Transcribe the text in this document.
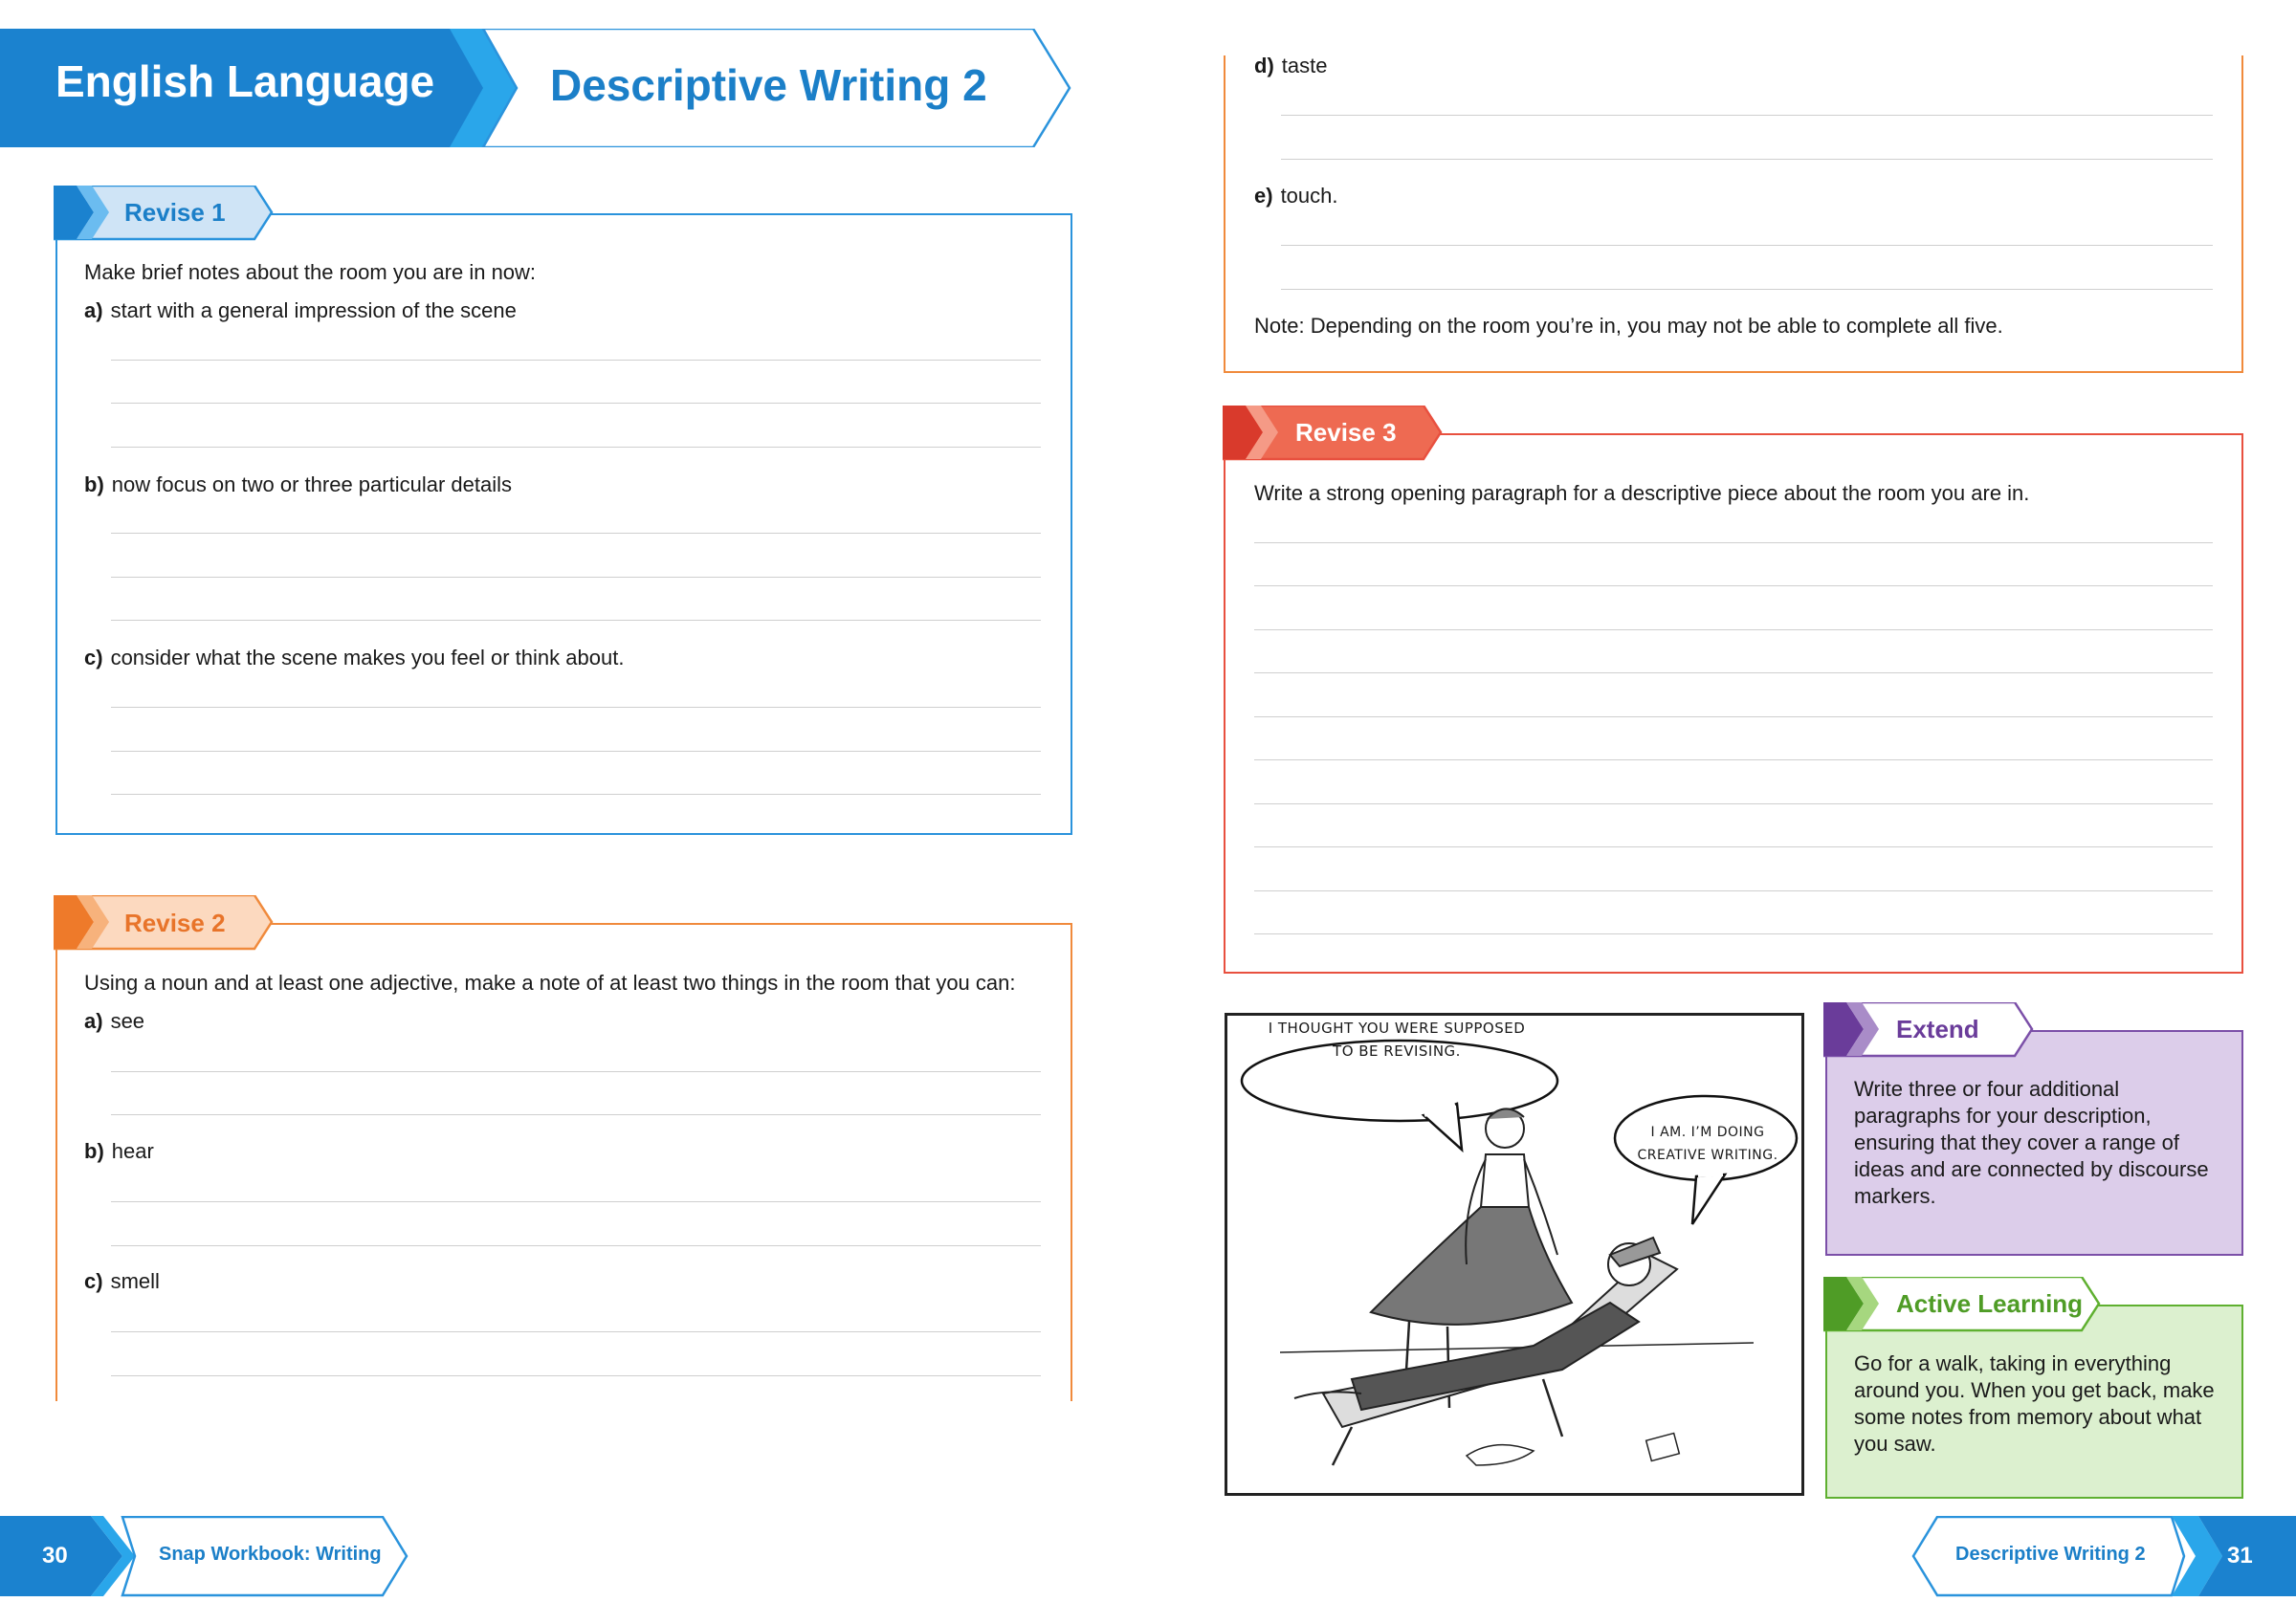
English Language	Descriptive Writing 2
Revise 1
Make brief notes about the room you are in now:
a) start with a general impression of the scene
b) now focus on two or three particular details
c) consider what the scene makes you feel or think about.
Revise 2
Using a noun and at least one adjective, make a note of at least two things in the room that you can:
a) see
b) hear
c) smell
d) taste
e) touch.
Note: Depending on the room you’re in, you may not be able to complete all five.
Revise 3
Write a strong opening paragraph for a descriptive piece about the room you are in.
I THOUGHT YOU WERE SUPPOSED
TO BE REVISING.
I AM. I’M DOING
CREATIVE WRITING.
Extend
Write three or four additional paragraphs for your description, ensuring that they cover a range of ideas and are connected by discourse markers.
Active Learning
Go for a walk, taking in everything around you. When you get back, make some notes from memory about what you saw.
30	Snap Workbook: Writing	Descriptive Writing 2	31
